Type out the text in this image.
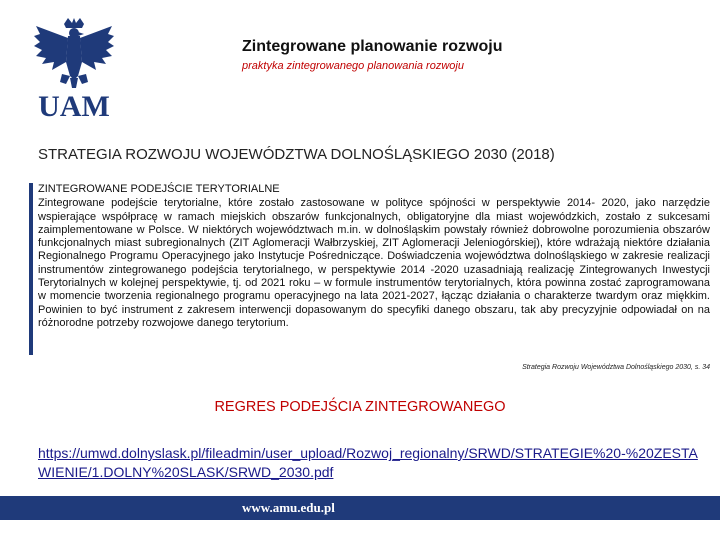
UAM
Zintegrowane planowanie rozwoju
praktyka zintegrowanego planowania rozwoju
STRATEGIA ROZWOJU WOJEWÓDZTWA DOLNOŚLĄSKIEGO 2030 (2018)

ZINTEGROWANE PODEJŚCIE TERYTORIALNE

Zintegrowane podejście terytorialne, które zostało zastosowane w polityce spójności w perspektywie 2014- 2020, jako narzędzie wspierające współpracę w ramach miejskich obszarów funkcjonalnych, obligatoryjne dla miast wojewódzkich, zostało z sukcesami zaimplementowane w Polsce. W niektórych województwach m.in. w dolnośląskim powstały również dobrowolne porozumienia obszarów funkcjonalnych miast subregionalnych (ZIT Aglomeracji Wałbrzyskiej, ZIT Aglomeracji Jeleniogórskiej), które wdrażają niektóre działania Regionalnego Programu Operacyjnego jako Instytucje Pośredniczące. Doświadczenia województwa dolnośląskiego w zakresie realizacji instrumentów zintegrowanego podejścia terytorialnego, w perspektywie 2014 -2020 uzasadniają realizację Zintegrowanych Inwestycji Terytorialnych w kolejnej perspektywie, tj. od 2021 roku – w formule instrumentów terytorialnych, która powinna zostać zaprogramowana w momencie tworzenia regionalnego programu operacyjnego na lata 2021-2027, łącząc działania o charakterze twardym oraz miękkim. Powinien to być instrument z zakresem interwencji dopasowanym do specyfiki danego obszaru, tak aby precyzyjnie odpowiadał on na różnorodne potrzeby rozwojowe danego terytorium.

Strategia Rozwoju Województwa Dolnośląskiego 2030, s. 34
REGRES PODEJŚCIA ZINTEGROWANEGO
https://umwd.dolnyslask.pl/fileadmin/user_upload/Rozwoj_regionalny/SRWD/STRATEGIE%20-%20ZESTAWIENIE/1.DOLNY%20SLASK/SRWD_2030.pdf
www.amu.edu.pl
